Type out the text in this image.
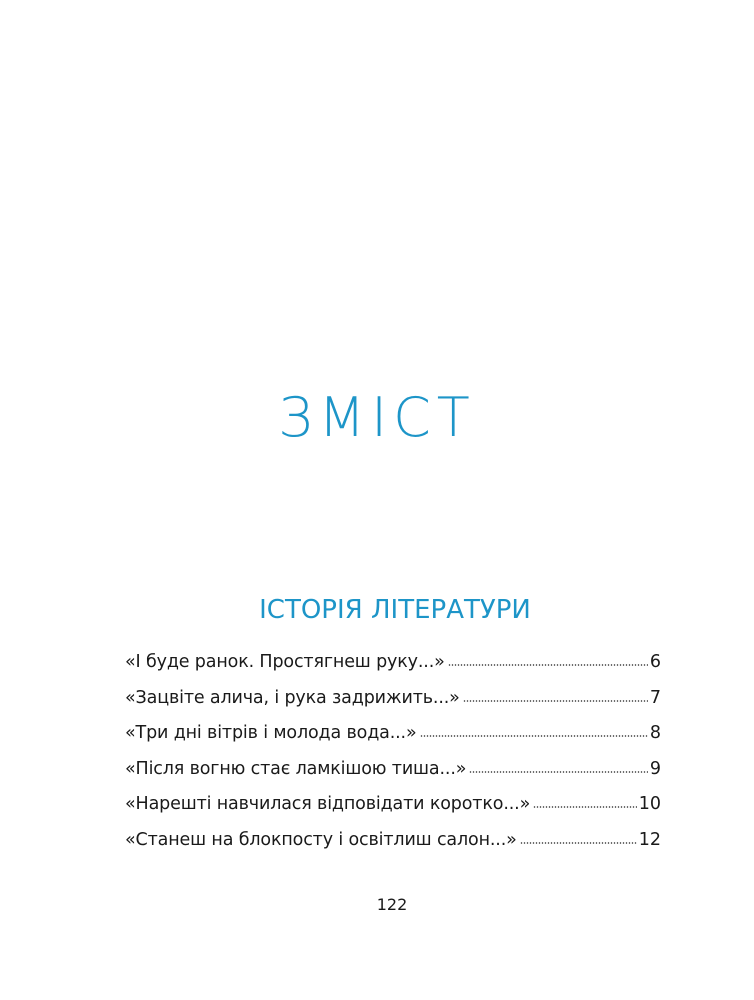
ЗМІСТ
ІСТОРІЯ ЛІТЕРАТУРИ
«І буде ранок. Простягнеш руку...»	6
«Зацвіте алича, і рука задрижить...»	7
«Три дні вітрів і молода вода...»	8
«Після вогню стає ламкішою тиша...»	9
«Нарешті навчилася відповідати коротко...»	10
«Станеш на блокпосту і освітлиш салон...»	12
122
